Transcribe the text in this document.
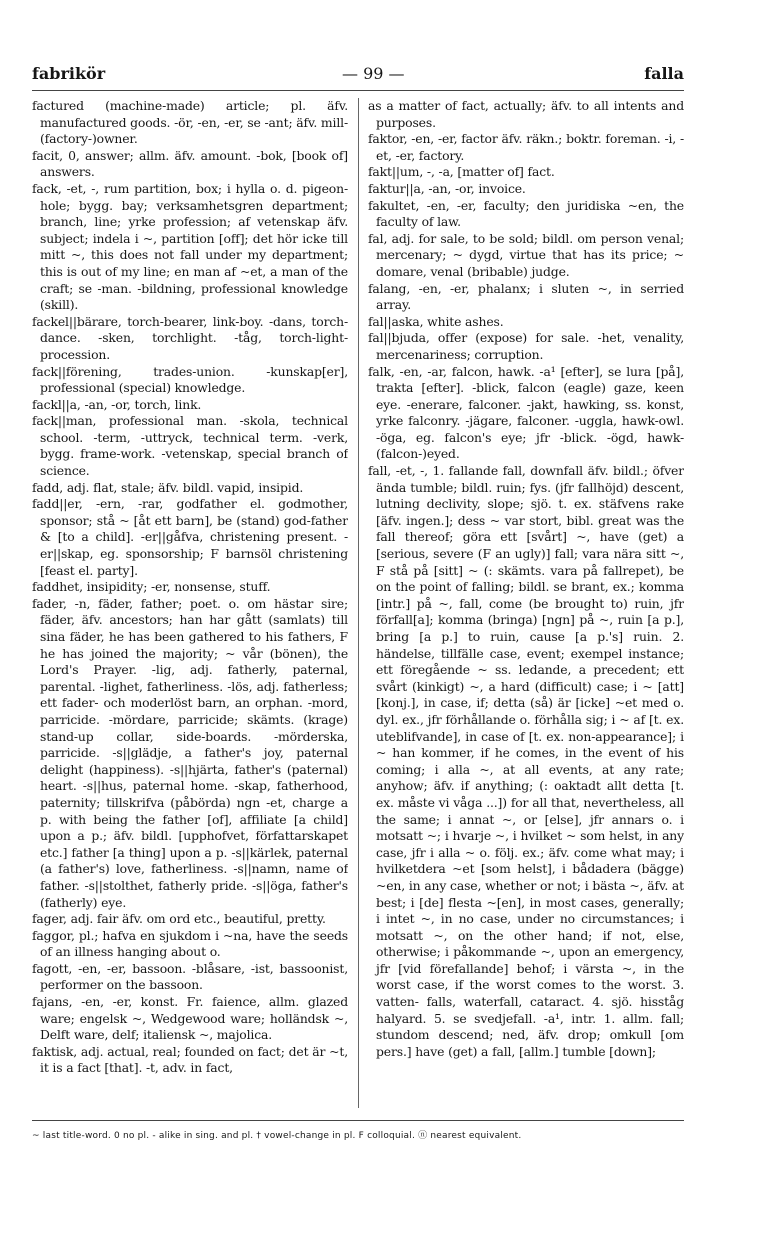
fabrikör	— 99 —	falla

factured (machine-made) article; pl. äfv. manufactured goods. -ör, -en, -er, se -ant; äfv. mill-(factory-)owner.

facit, 0, answer; allm. äfv. amount. -bok, [book of] answers.

fack, -et, -, rum partition, box; i hylla o. d. pigeon-hole; bygg. bay; verksamhetsgren department; branch, line; yrke profession; af vetenskap äfv. subject; indela i ~, partition [off]; det hör icke till mitt ~, this does not fall under my department; this is out of my line; en man af ~et, a man of the craft; se -man. -bildning, professional knowledge (skill).

fackel||bärare, torch-bearer, link-boy. -dans, torch-dance. -sken, torchlight. -tåg, torch-light-procession.

fack||förening, trades-union. -kunskap[er], professional (special) knowledge.

fackl||a, -an, -or, torch, link.

fack||man, professional man. -skola, technical school. -term, -uttryck, technical term. -verk, bygg. frame-work. -vetenskap, special branch of science.

fadd, adj. flat, stale; äfv. bildl. vapid, insipid.

fadd||er, -ern, -rar, godfather el. godmother, sponsor; stå ~ [åt ett barn], be (stand) god-father & [to a child]. -er||gåfva, christening present. -er||skap, eg. sponsorship; F barnsöl christening [feast el. party].

faddhet, insipidity; -er, nonsense, stuff.

fader, -n, fäder, father; poet. o. om hästar sire; fäder, äfv. ancestors; han har gått (samlats) till sina fäder, he has been gathered to his fathers, F he has joined the majority; ~ vår (bönen), the Lord's Prayer. -lig, adj. fatherly, paternal, parental. -lighet, fatherliness. -lös, adj. fatherless; ett fader- och moderlöst barn, an orphan. -mord, parricide. -mördare, parricide; skämts. (krage) stand-up collar, side-boards. -mörderska, parricide. -s||glädje, a father's joy, paternal delight (happiness). -s||hjärta, father's (paternal) heart. -s||hus, paternal home. -skap, fatherhood, paternity; tillskrifva (påbörda) ngn -et, charge a p. with being the father [of], affiliate [a child] upon a p.; äfv. bildl. [upphofvet, författarskapet etc.] father [a thing] upon a p. -s||kärlek, paternal (a father's) love, fatherliness. -s||namn, name of father. -s||stolthet, fatherly pride. -s||öga, father's (fatherly) eye.

fager, adj. fair äfv. om ord etc., beautiful, pretty.

faggor, pl.; hafva en sjukdom i ~na, have the seeds of an illness hanging about o.

fagott, -en, -er, bassoon. -blåsare, -ist, bassoonist, performer on the bassoon.

fajans, -en, -er, konst. Fr. faience, allm. glazed ware; engelsk ~, Wedgewood ware; holländsk ~, Delft ware, delf; italiensk ~, majolica.

faktisk, adj. actual, real; founded on fact; det är ~t, it is a fact [that]. -t, adv. in fact,

as a matter of fact, actually; äfv. to all intents and purposes.

faktor, -en, -er, factor äfv. räkn.; boktr. foreman. -i, -et, -er, factory.

fakt||um, -, -a, [matter of] fact.

faktur||a, -an, -or, invoice.

fakultet, -en, -er, faculty; den juridiska ~en, the faculty of law.

fal, adj. for sale, to be sold; bildl. om person venal; mercenary; ~ dygd, virtue that has its price; ~ domare, venal (bribable) judge.

falang, -en, -er, phalanx; i sluten ~, in serried array.

fal||aska, white ashes.

fal||bjuda, offer (expose) for sale. -het, venality, mercenariness; corruption.

falk, -en, -ar, falcon, hawk. -a¹ [efter], se lura [på], trakta [efter]. -blick, falcon (eagle) gaze, keen eye. -enerare, falconer. -jakt, hawking, ss. konst, yrke falconry. -jägare, falconer. -uggla, hawk-owl. -öga, eg. falcon's eye; jfr -blick. -ögd, hawk-(falcon-)eyed.

fall, -et, -, 1. fallande fall, downfall äfv. bildl.; öfver ända tumble; bildl. ruin; fys. (jfr fallhöjd) descent, lutning declivity, slope; sjö. t. ex. stäfvens rake [äfv. ingen.]; dess ~ var stort, bibl. great was the fall thereof; göra ett [svårt] ~, have (get) a [serious, severe (F an ugly)] fall; vara nära sitt ~, F stå på [sitt] ~ (: skämts. vara på fallrepet), be on the point of falling; bildl. se brant, ex.; komma [intr.] på ~, fall, come (be brought to) ruin, jfr förfall[a]; komma (bringa) [ngn] på ~, ruin [a p.], bring [a p.] to ruin, cause [a p.'s] ruin. 2. händelse, tillfälle case, event; exempel instance; ett föregående ~ ss. ledande, a precedent; ett svårt (kinkigt) ~, a hard (difficult) case; i ~ [att] [konj.], in case, if; detta (så) är [icke] ~et med o. dyl. ex., jfr förhållande o. förhålla sig; i ~ af [t. ex. uteblifvande], in case of [t. ex. non-appearance]; i ~ han kommer, if he comes, in the event of his coming; i alla ~, at all events, at any rate; anyhow; äfv. if anything; (: oaktadt allt detta [t. ex. måste vi våga ...]) for all that, nevertheless, all the same; i annat ~, or [else], jfr annars o. i motsatt ~; i hvarje ~, i hvilket ~ som helst, in any case, jfr i alla ~ o. följ. ex.; äfv. come what may; i hvilketdera ~et [som helst], i bådadera (bägge) ~en, in any case, whether or not; i bästa ~, äfv. at best; i [de] flesta ~[en], in most cases, generally; i intet ~, in no case, under no circumstances; i motsatt ~, on the other hand; if not, else, otherwise; i påkommande ~, upon an emergency, jfr [vid förefallande] behof; i värsta ~, in the worst case, if the worst comes to the worst. 3. vatten- falls, waterfall, cataract. 4. sjö. hisståg halyard. 5. se svedjefall. -a¹, intr. 1. allm. fall; stundom descend; ned, äfv. drop; omkull [om pers.] have (get) a fall, [allm.] tumble [down];

~ last title-word. 0 no pl. - alike in sing. and pl. † vowel-change in pl. F colloquial. ⓝ nearest equivalent.
